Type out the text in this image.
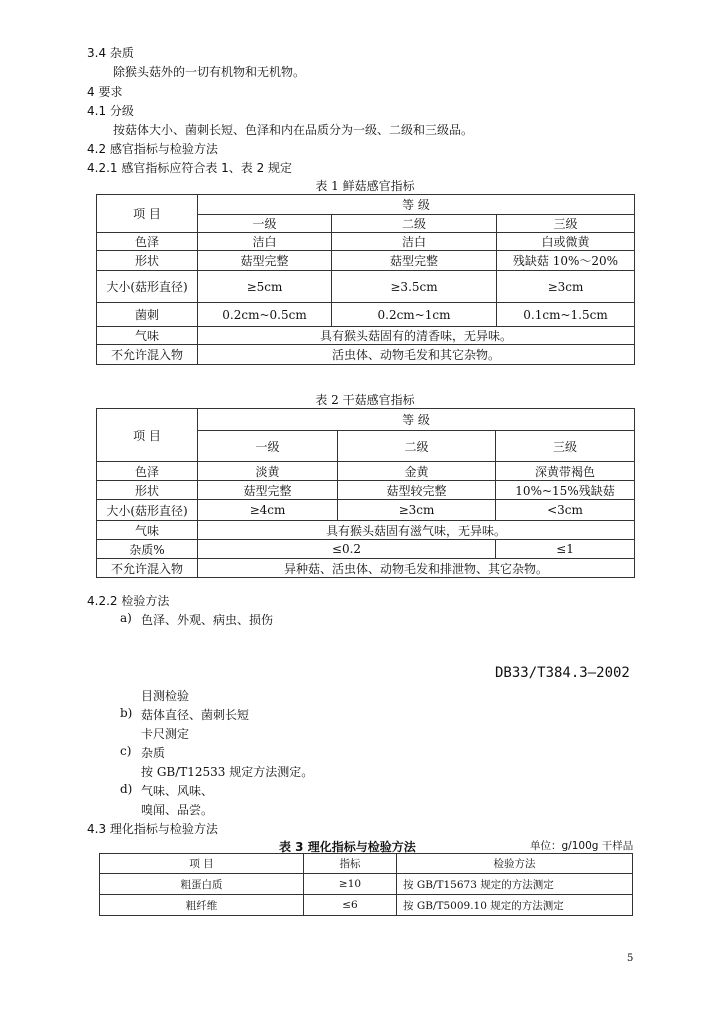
3.4 杂质
除猴头菇外的一切有机物和无机物。
4 要求
4.1 分级
按菇体大小、菌刺长短、色泽和内在品质分为一级、二级和三级品。
4.2 感官指标与检验方法
4.2.1 感官指标应符合表 1、表 2 规定
表 1 鲜菇感官指标
项 目	等 级		
	一级	二级	三级
色泽	洁白	洁白	白或微黄
形状	菇型完整	菇型完整	残缺菇 10%～20%
大小(菇形直径)	≥5cm	≥3.5cm	≥3cm
菌刺	0.2cm~0.5cm	0.2cm~1cm	0.1cm~1.5cm
气味	具有猴头菇固有的清香味，无异味。		
不允许混入物	活虫体、动物毛发和其它杂物。		
表 2 干菇感官指标
项 目	等 级		
	一级	二级	三级
色泽	淡黄	金黄	深黄带褐色
形状	菇型完整	菇型较完整	10%~15%残缺菇
大小(菇形直径)	≥4cm	≥3cm	<3cm
气味	具有猴头菇固有滋气味，无异味。		
杂质%	≤0.2		≤1
不允许混入物	异种菇、活虫体、动物毛发和排泄物、其它杂物。		
4.2.2 检验方法
a) 色泽、外观、病虫、损伤
DB33/T384.3—2002
目测检验
b) 菇体直径、菌刺长短
卡尺测定
c) 杂质
按 GB/T12533 规定方法测定。
d) 气味、风味、
嗅闻、品尝。
4.3 理化指标与检验方法
表 3 理化指标与检验方法	单位：g/100g 干样品
项 目	指标	检验方法
粗蛋白质	≥10	按 GB/T15673 规定的方法测定
粗纤维	≤6	按 GB/T5009.10 规定的方法测定
5
